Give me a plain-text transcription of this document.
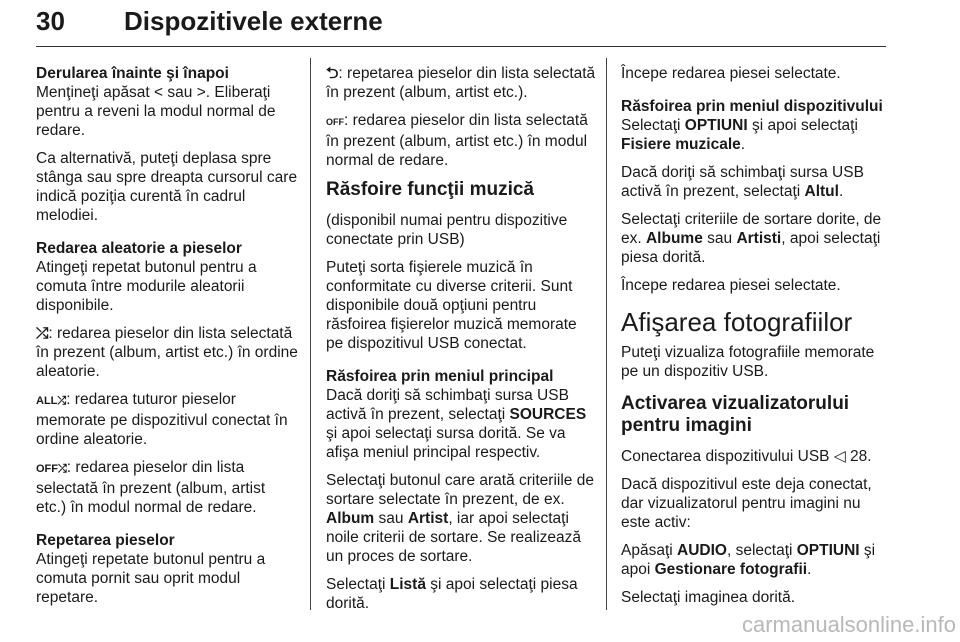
30 Dispozitivele externe

Derularea înainte şi înapoi

Menţineţi apăsat < sau >. Eliberaţi pentru a reveni la modul normal de redare.

Ca alternativă, puteţi deplasa spre stânga sau spre dreapta cursorul care indică poziţia curentă în cadrul melodiei.

Redarea aleatorie a pieselor

Atingeţi repetat butonul pentru a comuta între modurile aleatorii disponibile.

⤮: redarea pieselor din lista selectată în prezent (album, artist etc.) în ordine aleatorie.

ALL⤮: redarea tuturor pieselor memorate pe dispozitivul conectat în ordine aleatorie.

OFF⤮: redarea pieselor din lista selectată în prezent (album, artist etc.) în modul normal de redare.

Repetarea pieselor

Atingeţi repetate butonul pentru a comuta pornit sau oprit modul repetare.

⮌: repetarea pieselor din lista selectată în prezent (album, artist etc.).

OFF: redarea pieselor din lista selectată în prezent (album, artist etc.) în modul normal de redare.

Răsfoire funcţii muzică

(disponibil numai pentru dispozitive conectate prin USB)

Puteţi sorta fişierele muzică în conformitate cu diverse criterii. Sunt disponibile două opţiuni pentru răsfoirea fişierelor muzică memorate pe dispozitivul USB conectat.

Răsfoirea prin meniul principal

Dacă doriţi să schimbaţi sursa USB activă în prezent, selectaţi SOURCES şi apoi selectaţi sursa dorită. Se va afişa meniul principal respectiv.

Selectaţi butonul care arată criteriile de sortare selectate în prezent, de ex. Album sau Artist, iar apoi selectaţi noile criterii de sortare. Se realizează un proces de sortare.

Selectaţi Listă şi apoi selectaţi piesa dorită.

Începe redarea piesei selectate.

Răsfoirea prin meniul dispozitivului

Selectaţi OPTIUNI şi apoi selectaţi Fisiere muzicale.

Dacă doriţi să schimbaţi sursa USB activă în prezent, selectaţi Altul.

Selectaţi criteriile de sortare dorite, de ex. Albume sau Artisti, apoi selectaţi piesa dorită.

Începe redarea piesei selectate.

Afişarea fotografiilor

Puteţi vizualiza fotografiile memorate pe un dispozitiv USB.

Activarea vizualizatorului pentru imagini

Conectarea dispozitivului USB ◁ 28.

Dacă dispozitivul este deja conectat, dar vizualizatorul pentru imagini nu este activ:

Apăsaţi AUDIO, selectaţi OPTIUNI şi apoi Gestionare fotografii.

Selectaţi imaginea dorită.

carmanualsonline.info
